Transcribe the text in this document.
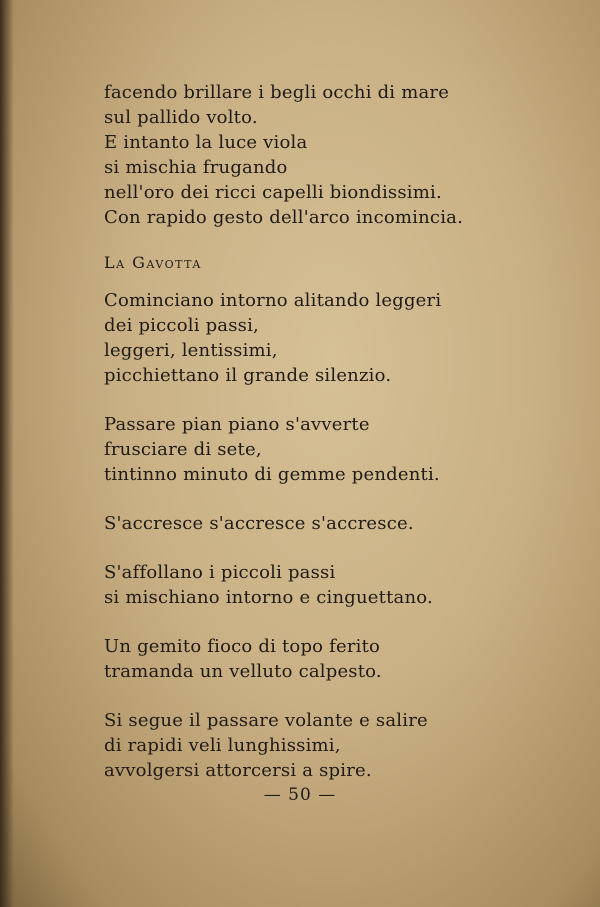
facendo brillare i begli occhi di mare
sul pallido volto.
E intanto la luce viola
si mischia frugando
nell'oro dei ricci capelli biondissimi.
Con rapido gesto dell'arco incomincia.
La Gavotta
Cominciano intorno alitando leggeri
dei piccoli passi,
leggeri, lentissimi,
picchiettano il grande silenzio.
Passare pian piano s'avverte
frusciare di sete,
tintinno minuto di gemme pendenti.
S'accresce s'accresce s'accresce.
S'affollano i piccoli passi
si mischiano intorno e cinguettano.
Un gemito fioco di topo ferito
tramanda un velluto calpesto.
Si segue il passare volante e salire
di rapidi veli lunghissimi,
avvolgersi attorcersi a spire.
— 50 —
